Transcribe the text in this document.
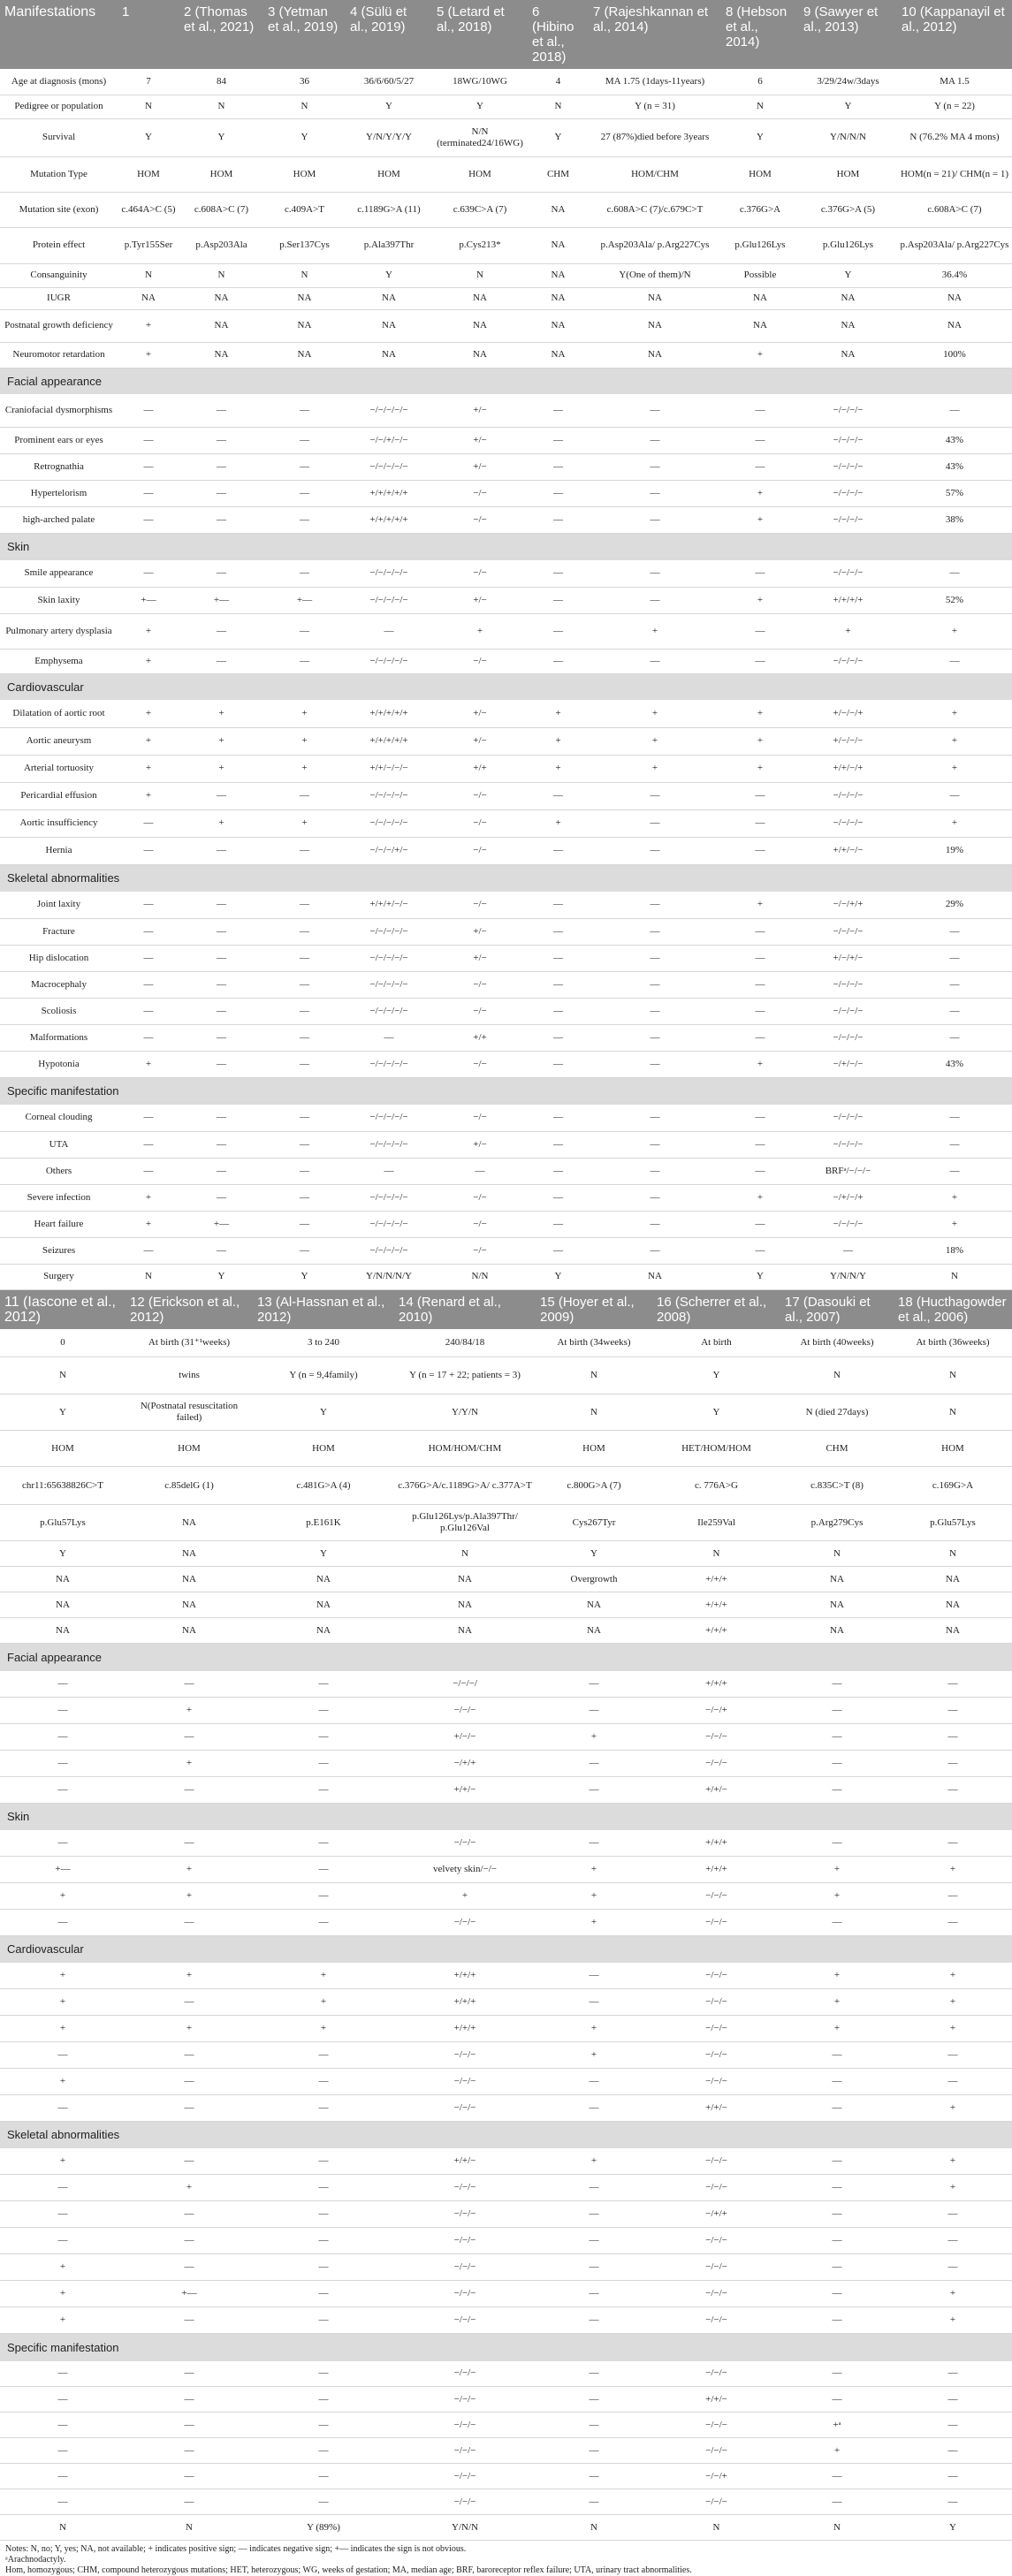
Manifestations	1	2 (Thomas et al., 2021)	3 (Yetman et al., 2019)	4 (Sülü et al., 2019)	5 (Letard et al., 2018)	6 (Hibino et al., 2018)	7 (Rajeshkannan et al., 2014)	8 (Hebson et al., 2014)	9 (Sawyer et al., 2013)	10 (Kappanayil et al., 2012)
Age at diagnosis (mons)	7	84	36	36/6/60/5/27	18WG/10WG	4	MA 1.75 (1days-11years)	6	3/29/24w/3days	MA 1.5
Pedigree or population	N	N	N	Y	Y	N	Y (n = 31)	N	Y	Y (n = 22)
Survival	Y	Y	Y	Y/N/Y/Y/Y	N/N (terminated24/16WG)	Y	27 (87%)died before 3years	Y	Y/N/N/N	N (76.2% MA 4 mons)
Mutation Type	HOM	HOM	HOM	HOM	HOM	CHM	HOM/CHM	HOM	HOM	HOM(n = 21)/ CHM(n = 1)
Mutation site (exon)	c.464A>C (5)	c.608A>C (7)	c.409A>T	c.1189G>A (11)	c.639C>A (7)	NA	c.608A>C (7)/c.679C>T	c.376G>A	c.376G>A (5)	c.608A>C (7)
Protein effect	p.Tyr155Ser	p.Asp203Ala	p.Ser137Cys	p.Ala397Thr	p.Cys213*	NA	p.Asp203Ala/ p.Arg227Cys	p.Glu126Lys	p.Glu126Lys	p.Asp203Ala/ p.Arg227Cys
Consanguinity	N	N	N	Y	N	NA	Y(One of them)/N	Possible	Y	36.4%
IUGR	NA	NA	NA	NA	NA	NA	NA	NA	NA	NA
Postnatal growth deficiency	+	NA	NA	NA	NA	NA	NA	NA	NA	NA
Neuromotor retardation	+	NA	NA	NA	NA	NA	NA	+	NA	100%
Facial appearance										
Craniofacial dysmorphisms	—	—	—	−/−/−/−/−	+/−	—	—	—	−/−/−/−	—
Prominent ears or eyes	—	—	—	−/−/+/−/−	+/−	—	—	—	−/−/−/−	43%
Retrognathia	—	—	—	−/−/−/−/−	+/−	—	—	—	−/−/−/−	43%
Hypertelorism	—	—	—	+/+/+/+/+	−/−	—	—	+	−/−/−/−	57%
high-arched palate	—	—	—	+/+/+/+/+	−/−	—	—	+	−/−/−/−	38%
Skin										
Smile appearance	—	—	—	−/−/−/−/−	−/−	—	—	—	−/−/−/−	—
Skin laxity	+—	+—	+—	−/−/−/−/−	+/−	—	—	+	+/+/+/+	52%
Pulmonary artery dysplasia	+	—	—	—	+	—	+	—	+	+
Emphysema	+	—	—	−/−/−/−/−	−/−	—	—	—	−/−/−/−	—
Cardiovascular										
Dilatation of aortic root	+	+	+	+/+/+/+/+	+/−	+	+	+	+/−/−/+	+
Aortic aneurysm	+	+	+	+/+/+/+/+	+/−	+	+	+	+/−/−/−	+
Arterial tortuosity	+	+	+	+/+/−/−/−	+/+	+	+	+	+/+/−/+	+
Pericardial effusion	+	—	—	−/−/−/−/−	−/−	—	—	—	−/−/−/−	—
Aortic insufficiency	—	+	+	−/−/−/−/−	−/−	+	—	—	−/−/−/−	+
Hernia	—	—	—	−/−/−/+/−	−/−	—	—	—	+/+/−/−	19%
Skeletal abnormalities										
Joint laxity	—	—	—	+/+/+/−/−	−/−	—	—	+	−/−/+/+	29%
Fracture	—	—	—	−/−/−/−/−	+/−	—	—	—	−/−/−/−	—
Hip dislocation	—	—	—	−/−/−/−/−	+/−	—	—	—	+/−/+/−	—
Macrocephaly	—	—	—	−/−/−/−/−	−/−	—	—	—	−/−/−/−	—
Scoliosis	—	—	—	−/−/−/−/−	−/−	—	—	—	−/−/−/−	—
Malformations	—	—	—	—	+/+	—	—	—	−/−/−/−	—
Hypotonia	+	—	—	−/−/−/−/−	−/−	—	—	+	−/+/−/−	43%
Specific manifestation										
Corneal clouding	—	—	—	−/−/−/−/−	−/−	—	—	—	−/−/−/−	—
UTA	—	—	—	−/−/−/−/−	+/−	—	—	—	−/−/−/−	—
Others	—	—	—	—	—	—	—	—	BRFᵃ/−/−/−	—
Severe infection	+	—	—	−/−/−/−/−	−/−	—	—	+	−/+/−/+	+
Heart failure	+	+—	—	−/−/−/−/−	−/−	—	—	—	−/−/−/−	+
Seizures	—	—	—	−/−/−/−/−	−/−	—	—	—	—	18%
Surgery	N	Y	Y	Y/N/N/N/Y	N/N	Y	NA	Y	Y/N/N/Y	N
11 (Iascone et al., 2012)	12 (Erickson et al., 2012)	13 (Al-Hassnan et al., 2012)	14 (Renard et al., 2010)	15 (Hoyer et al., 2009)	16 (Scherrer et al., 2008)	17 (Dasouki et al., 2007)	18 (Hucthagowder et al., 2006)
0	At birth (31⁺¹weeks)	3 to 240	240/84/18	At birth (34weeks)	At birth	At birth (40weeks)	At birth (36weeks)
N	twins	Y (n = 9,4family)	Y (n = 17 + 22; patients = 3)	N	Y	N	N
Y	N(Postnatal resuscitation failed)	Y	Y/Y/N	N	Y	N (died 27days)	N
HOM	HOM	HOM	HOM/HOM/CHM	HOM	HET/HOM/HOM	CHM	HOM
chr11:65638826C>T	c.85delG (1)	c.481G>A (4)	c.376G>A/c.1189G>A/ c.377A>T	c.800G>A (7)	c. 776A>G	c.835C>T (8)	c.169G>A
p.Glu57Lys	NA	p.E161K	p.Glu126Lys/p.Ala397Thr/ p.Glu126Val	Cys267Tyr	Ile259Val	p.Arg279Cys	p.Glu57Lys
Y	NA	Y	N	Y	N	N	N
NA	NA	NA	NA	Overgrowth	+/+/+	NA	NA
NA	NA	NA	NA	NA	+/+/+	NA	NA
NA	NA	NA	NA	NA	+/+/+	NA	NA
Facial appearance							
—	—	—	−/−/−/	—	+/+/+	—	—
—	+	—	−/−/−	—	−/−/+	—	—
—	—	—	+/−/−	+	−/−/−	—	—
—	+	—	−/+/+	—	−/−/−	—	—
—	—	—	+/+/−	—	+/+/−	—	—
Skin							
—	—	—	−/−/−	—	+/+/+	—	—
+—	+	—	velvety skin/−/−	+	+/+/+	+	+
+	+	—	+	+	−/−/−	+	—
—	—	—	−/−/−	+	−/−/−	—	—
Cardiovascular							
+	+	+	+/+/+	—	−/−/−	+	+
+	—	+	+/+/+	—	−/−/−	+	+
+	+	+	+/+/+	+	−/−/−	+	+
—	—	—	−/−/−	+	−/−/−	—	—
+	—	—	−/−/−	—	−/−/−	—	—
—	—	—	−/−/−	—	+/+/−	—	+
Skeletal abnormalities							
+	—	—	+/+/−	+	−/−/−	—	+
—	+	—	−/−/−	—	−/−/−	—	+
—	—	—	−/−/−	—	−/+/+	—	—
—	—	—	−/−/−	—	−/−/−	—	—
+	—	—	−/−/−	—	−/−/−	—	—
+	+—	—	−/−/−	—	−/−/−	—	+
+	—	—	−/−/−	—	−/−/−	—	+
Specific manifestation							
—	—	—	−/−/−	—	−/−/−	—	—
—	—	—	−/−/−	—	+/+/−	—	—
—	—	—	−/−/−	—	−/−/−	+ᵃ	—
—	—	—	−/−/−	—	−/−/−	+	—
—	—	—	−/−/−	—	−/−/+	—	—
—	—	—	−/−/−	—	−/−/−	—	—
N	N	Y (89%)	Y/N/N	N	N	N	Y
Notes: N, no; Y, yes; NA, not available; + indicates positive sign; — indicates negative sign; +— indicates the sign is not obvious.
ᵃArachnodactyly.
Hom, homozygous; CHM, compound heterozygous mutations; HET, heterozygous; WG, weeks of gestation; MA, median age; BRF, baroreceptor reflex failure; UTA, urinary tract abnormalities.
